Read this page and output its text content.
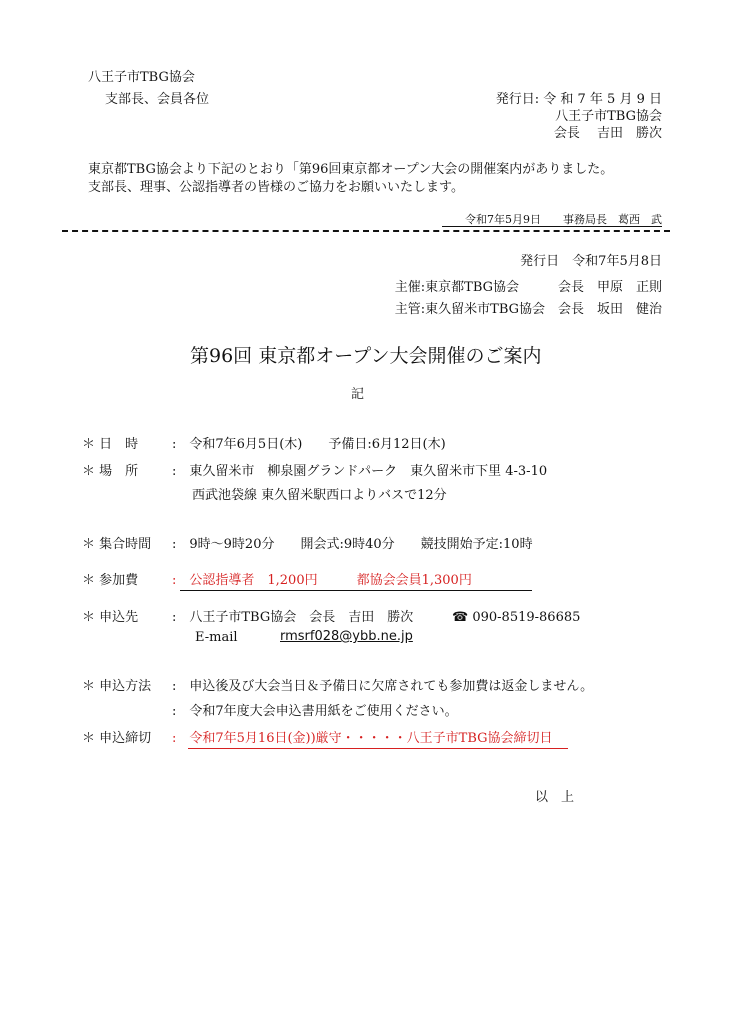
八王子市TBG協会
支部長、会員各位	発行日: 令 和 7 年 5 月 9 日
八王子市TBG協会
会長　 吉田　勝次
東京都TBG協会より下記のとおり「第96回東京都オープン大会の開催案内がありました。
支部長、理事、公認指導者の皆様のご協力をお願いいたします。
令和7年5月9日　　事務局長　葛西　武
発行日　令和7年5月8日
主催:東京都TBG協会　　　会長　甲原　正則
主管:東久留米市TBG協会　会長　坂田　健治
第96回 東京都オープン大会開催のご案内
記
＊ 日　時	:　令和7年6月5日(木)　　予備日:6月12日(木)
＊ 場　所	:　東久留米市　柳泉園グランドパーク　東久留米市下里 4-3-10
西武池袋線 東久留米駅西口よりバスで12分
＊ 集合時間 :　9時～9時20分　　開会式:9時40分　　競技開始予定:10時
＊ 参加費	:　公認指導者　1,200円　　　都協会会員1,300円
＊ 申込先	:　八王子市TBG協会　会長　吉田　勝次	☎ 090-8519-86685
E-mail	rmsrf028@ybb.ne.jp
＊ 申込方法 :　申込後及び大会当日＆予備日に欠席されても参加費は返金しません。
:　令和7年度大会申込書用紙をご使用ください。
＊ 申込締切 :　令和7年5月16日(金))厳守・・・・・八王子市TBG協会締切日
以　上
